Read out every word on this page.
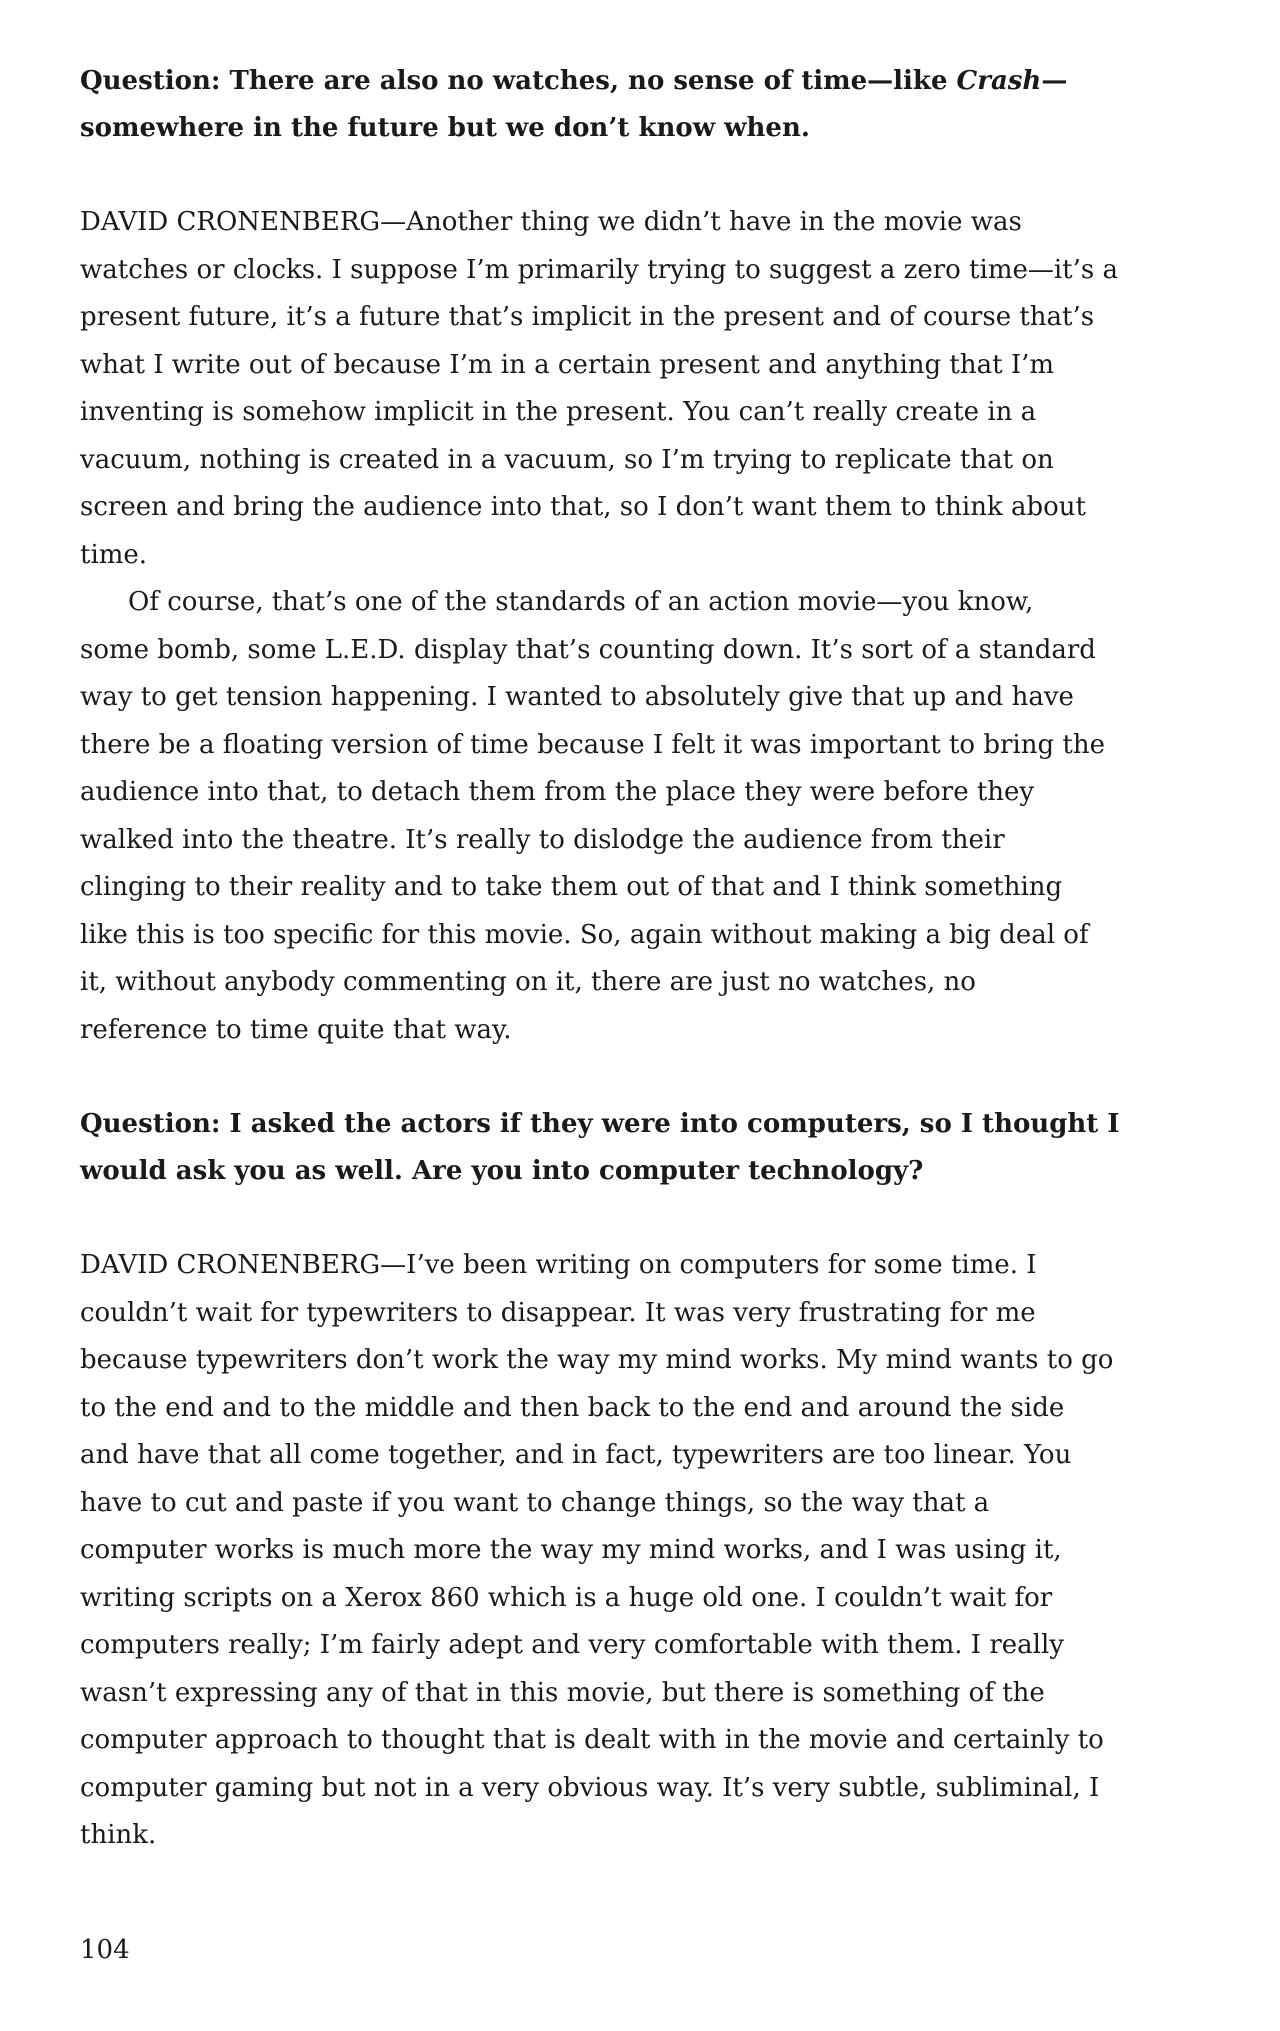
Question: There are also no watches, no sense of time—like Crash—
somewhere in the future but we don’t know when.
DAVID CRONENBERG—Another thing we didn’t have in the movie was
watches or clocks. I suppose I’m primarily trying to suggest a zero time—it’s a
present future, it’s a future that’s implicit in the present and of course that’s
what I write out of because I’m in a certain present and anything that I’m
inventing is somehow implicit in the present. You can’t really create in a
vacuum, nothing is created in a vacuum, so I’m trying to replicate that on
screen and bring the audience into that, so I don’t want them to think about
time.
Of course, that’s one of the standards of an action movie—you know,
some bomb, some L.E.D. display that’s counting down. It’s sort of a standard
way to get tension happening. I wanted to absolutely give that up and have
there be a floating version of time because I felt it was important to bring the
audience into that, to detach them from the place they were before they
walked into the theatre. It’s really to dislodge the audience from their
clinging to their reality and to take them out of that and I think something
like this is too specific for this movie. So, again without making a big deal of
it, without anybody commenting on it, there are just no watches, no
reference to time quite that way.
Question: I asked the actors if they were into computers, so I thought I
would ask you as well. Are you into computer technology?
DAVID CRONENBERG—I’ve been writing on computers for some time. I
couldn’t wait for typewriters to disappear. It was very frustrating for me
because typewriters don’t work the way my mind works. My mind wants to go
to the end and to the middle and then back to the end and around the side
and have that all come together, and in fact, typewriters are too linear. You
have to cut and paste if you want to change things, so the way that a
computer works is much more the way my mind works, and I was using it,
writing scripts on a Xerox 860 which is a huge old one. I couldn’t wait for
computers really; I’m fairly adept and very comfortable with them. I really
wasn’t expressing any of that in this movie, but there is something of the
computer approach to thought that is dealt with in the movie and certainly to
computer gaming but not in a very obvious way. It’s very subtle, subliminal, I
think.
104
